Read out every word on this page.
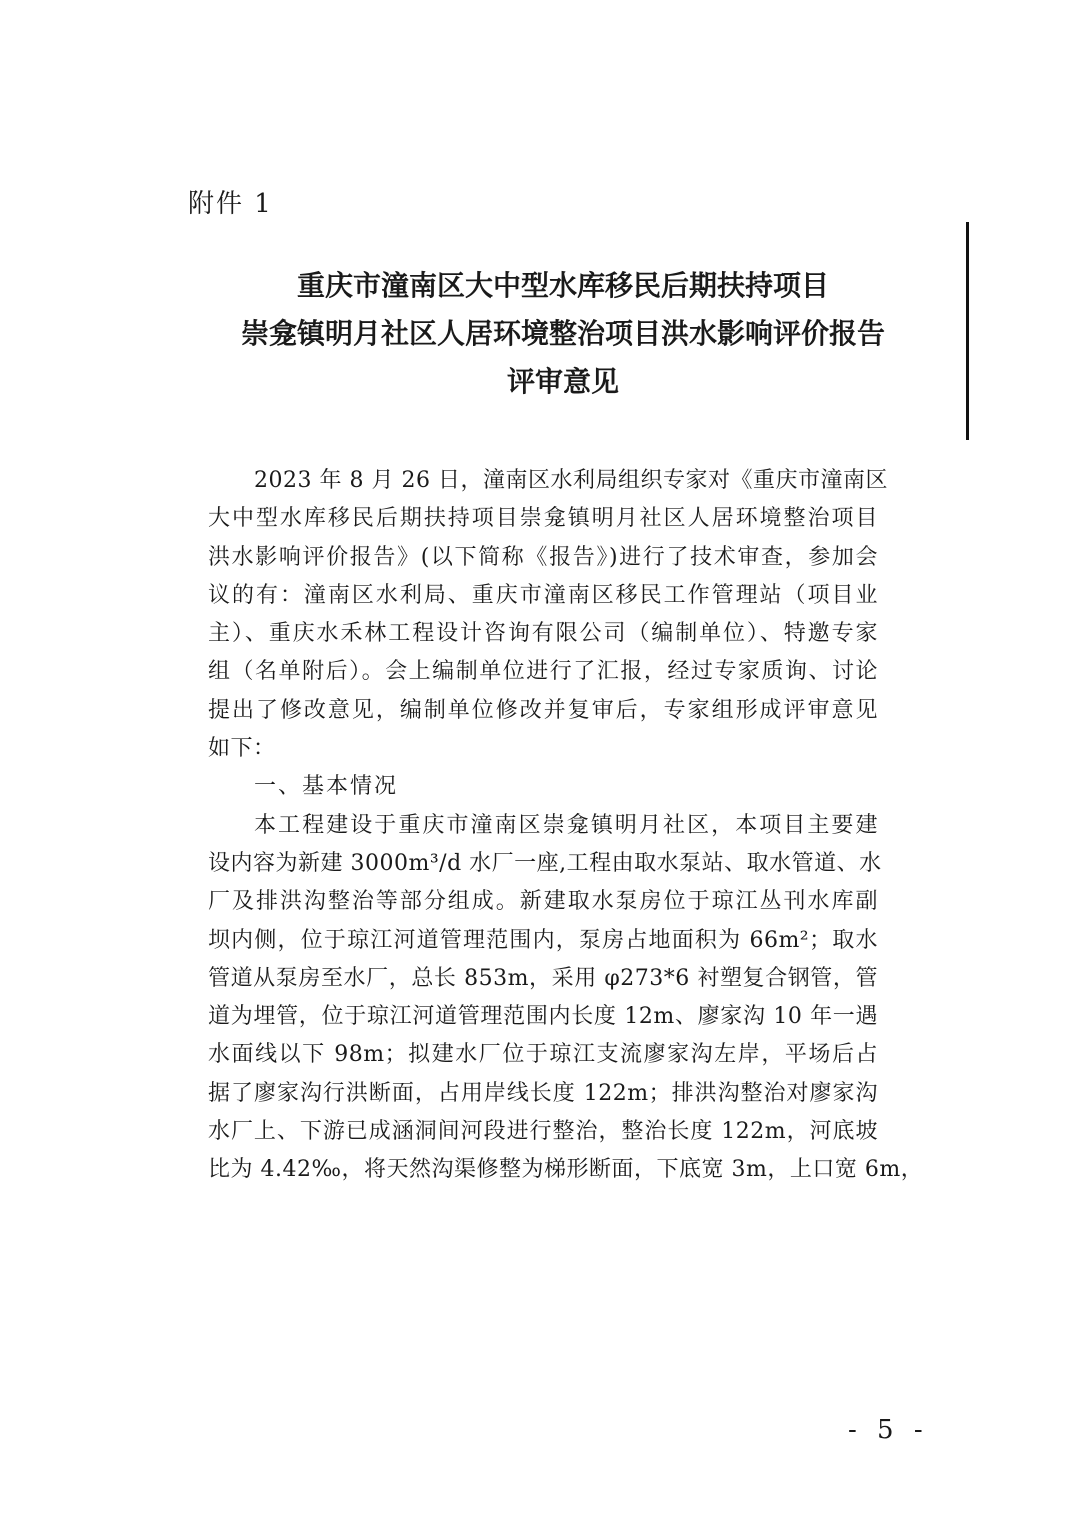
附件 1
重庆市潼南区大中型水库移民后期扶持项目
崇龛镇明月社区人居环境整治项目洪水影响评价报告
评审意见
2023 年 8 月 26 日，潼南区水利局组织专家对《重庆市潼南区
大中型水库移民后期扶持项目崇龛镇明月社区人居环境整治项目
洪水影响评价报告》(以下简称《报告》)进行了技术审查，参加会
议的有：潼南区水利局、重庆市潼南区移民工作管理站（项目业
主）、重庆水禾林工程设计咨询有限公司（编制单位）、特邀专家
组（名单附后）。会上编制单位进行了汇报，经过专家质询、讨论
提出了修改意见，编制单位修改并复审后，专家组形成评审意见
如下：
一、基本情况
本工程建设于重庆市潼南区崇龛镇明月社区，本项目主要建
设内容为新建 3000m³/d 水厂一座,工程由取水泵站、取水管道、水
厂及排洪沟整治等部分组成。新建取水泵房位于琼江丛刊水库副
坝内侧，位于琼江河道管理范围内，泵房占地面积为 66m²；取水
管道从泵房至水厂，总长 853m，采用 φ273*6 衬塑复合钢管，管
道为埋管，位于琼江河道管理范围内长度 12m、廖家沟 10 年一遇
水面线以下 98m；拟建水厂位于琼江支流廖家沟左岸，平场后占
据了廖家沟行洪断面，占用岸线长度 122m；排洪沟整治对廖家沟
水厂上、下游已成涵洞间河段进行整治，整治长度 122m，河底坡
比为 4.42‰，将天然沟渠修整为梯形断面，下底宽 3m，上口宽 6m，
- 5 -
